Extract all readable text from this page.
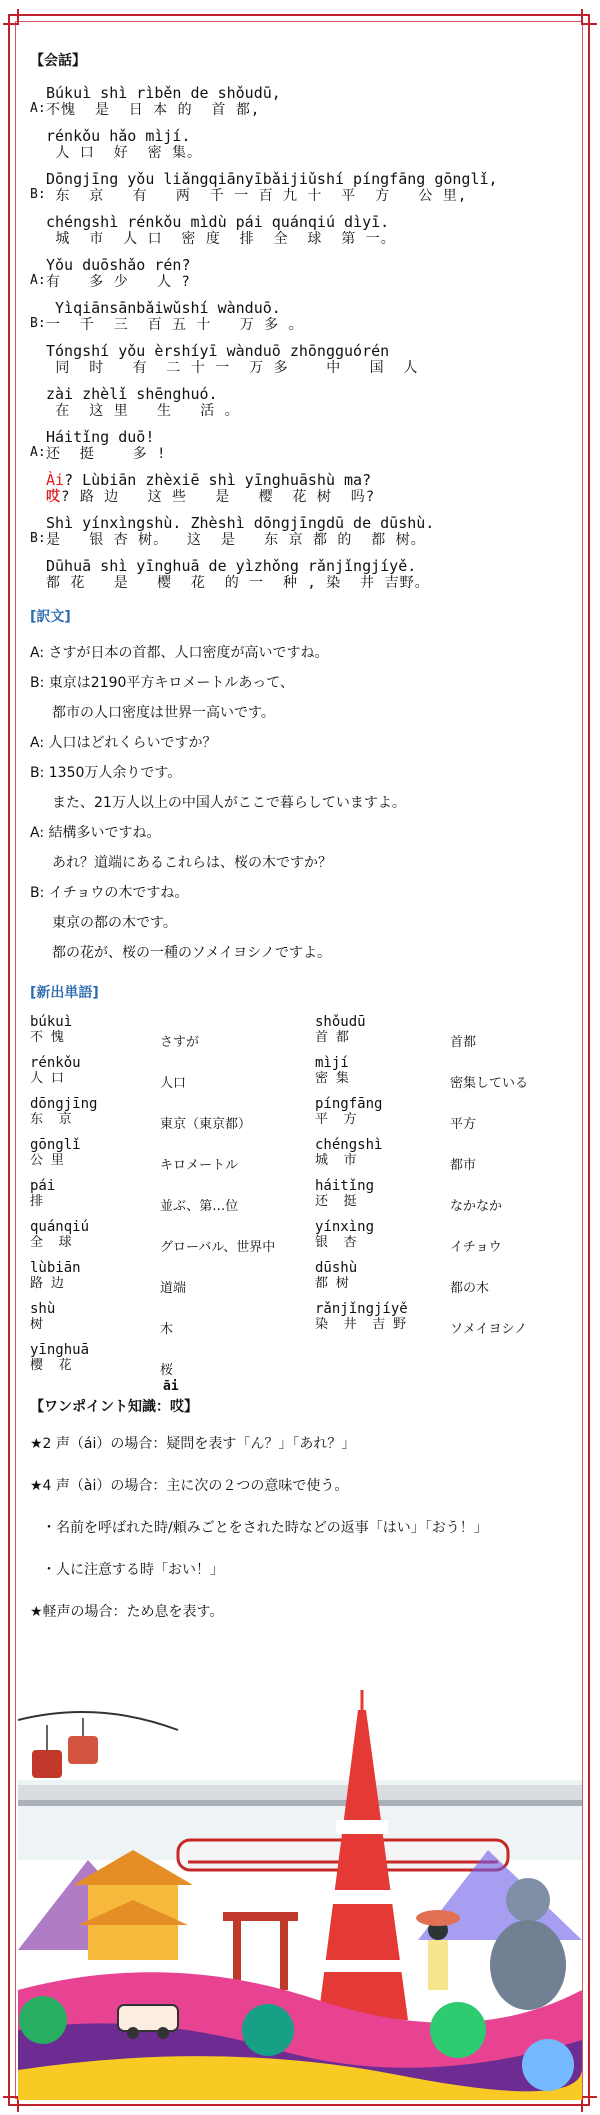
【会話】
A:
Búkuì shì rìběn de shǒudū,
不愧  是  日 本 的  首 都,
rénkǒu hǎo mìjí.
人 口  好  密 集。
B:
Dōngjīng yǒu liǎngqiānyībǎijiǔshí píngfāng gōnglǐ,
东  京   有   两  千 一 百 九 十  平  方   公 里,
chéngshì rénkǒu mìdù pái quánqiú dìyī.
城  市  人 口  密 度  排  全  球  第 一。
A:
Yǒu duōshǎo rén?
有   多 少   人 ?
B:
Yìqiānsānbǎiwǔshí wànduō.
一  千  三  百 五 十   万 多 。
Tóngshí yǒu èrshíyī wànduō zhōngguórén
同  时   有  二 十 一  万 多    中   国  人
zài zhèlǐ shēnghuó.
在  这 里   生   活 。
A:
Háitǐng duō!
还  挺    多 !
Ài? Lùbiān zhèxiē shì yīnghuāshù ma?
哎? 路 边   这 些   是   樱  花 树  吗?
B:
Shì yínxìngshù. Zhèshì dōngjīngdū de dūshù.
是   银 杏 树。  这  是   东 京 都 的  都 树。
Dūhuā shì yīnghuā de yìzhǒng rǎnjǐngjíyě.
都 花   是   樱  花  的 一  种 , 染  井 吉野。
[訳文]
A: さすが日本の首都、人口密度が高いですね。
B: 東京は2190平方キロメートルあって、
都市の人口密度は世界一高いです。
A: 人口はどれくらいですか？
B: 1350万人余りです。
また、21万人以上の中国人がここで暮らしていますよ。
A: 結構多いですね。
あれ？道端にあるこれらは、桜の木ですか？
B: イチョウの木ですね。
東京の都の木です。
都の花が、桜の一種のソメイヨシノですよ。
[新出単語]
búkuì
不 愧	さすが
rénkǒu
人 口	人口
dōngjīng
东  京	東京（東京都）
gōnglǐ
公 里	キロメートル
pái
排	並ぶ、第…位
quánqiú
全  球	グローバル、世界中
lùbiān
路 边	道端
shù
树	木
yīnghuā
樱  花	桜
shǒudū
首 都	首都
mìjí
密 集	密集している
píngfāng
平  方	平方
chéngshì
城  市	都市
háitǐng
还  挺	なかなか
yínxìng
银  杏	イチョウ
dūshù
都 树	都の木
rǎnjǐngjíyě
染  井  吉 野	ソメイヨシノ
āi
【ワンポイント知識：哎】
★2 声（ái）の場合：疑問を表す「ん？」「あれ？」
★4 声（ài）の場合：主に次の２つの意味で使う。
・名前を呼ばれた時/頼みごとをされた時などの返事「はい」「おう！」
・人に注意する時「おい！」
★軽声の場合：ため息を表す。
